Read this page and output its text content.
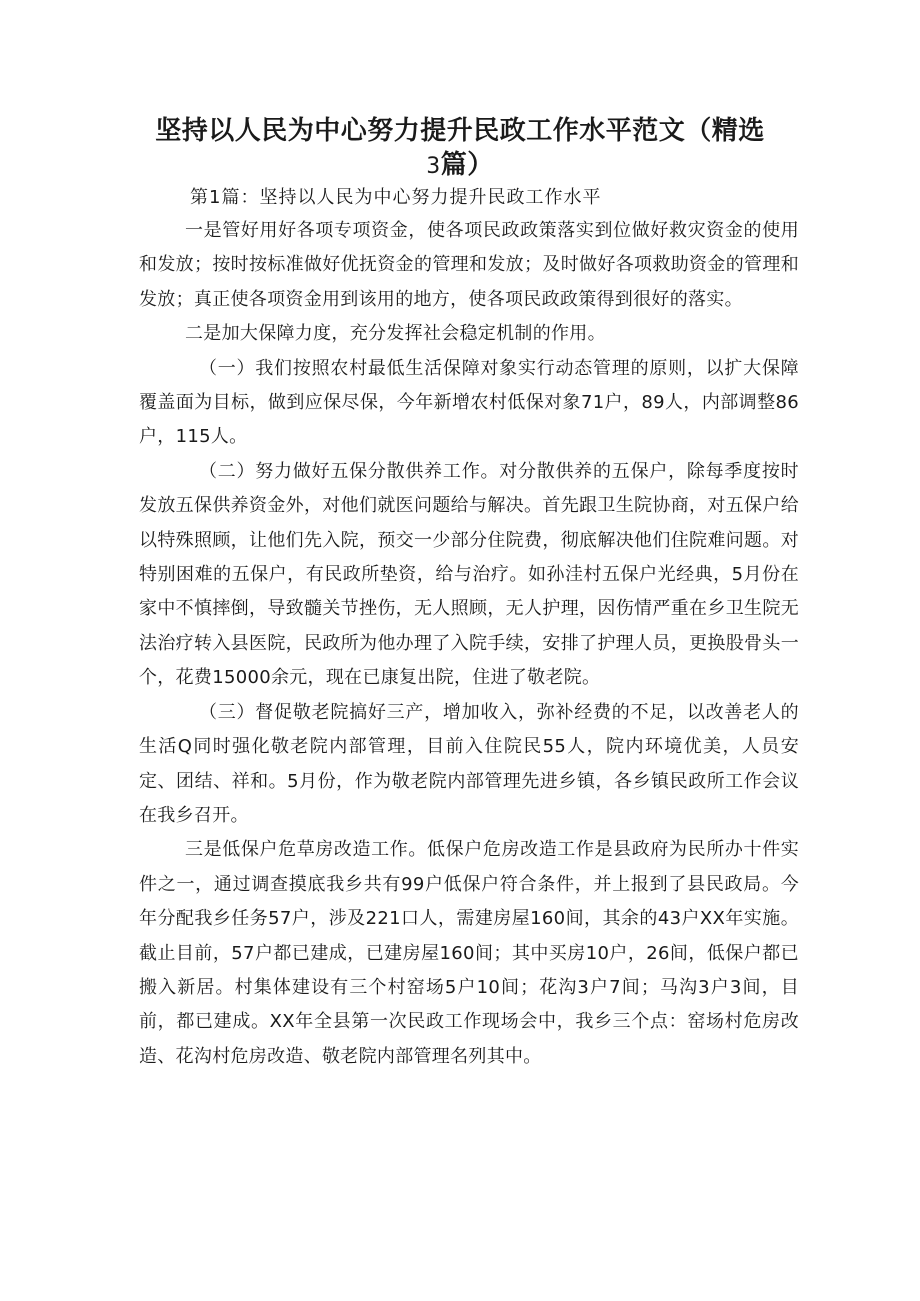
坚持以人民为中心努力提升民政工作水平范文（精选
3篇）

第1篇：坚持以人民为中心努力提升民政工作水平

一是管好用好各项专项资金，使各项民政政策落实到位做好救灾资金的使用和发放；按时按标准做好优抚资金的管理和发放；及时做好各项救助资金的管理和发放；真正使各项资金用到该用的地方，使各项民政政策得到很好的落实。

二是加大保障力度，充分发挥社会稳定机制的作用。

（一）我们按照农村最低生活保障对象实行动态管理的原则，以扩大保障覆盖面为目标，做到应保尽保，今年新增农村低保对象71户，89人，内部调整86户，115人。

（二）努力做好五保分散供养工作。对分散供养的五保户，除每季度按时发放五保供养资金外，对他们就医问题给与解决。首先跟卫生院协商，对五保户给以特殊照顾，让他们先入院，预交一少部分住院费，彻底解决他们住院难问题。对特别困难的五保户，有民政所垫资，给与治疗。如孙洼村五保户光经典，5月份在家中不慎摔倒，导致髓关节挫伤，无人照顾，无人护理，因伤情严重在乡卫生院无法治疗转入县医院，民政所为他办理了入院手续，安排了护理人员，更换股骨头一个，花费15000余元，现在已康复出院，住进了敬老院。

（三）督促敬老院搞好三产，增加收入，弥补经费的不足，以改善老人的生活Q同时强化敬老院内部管理，目前入住院民55人，院内环境优美，人员安定、团结、祥和。5月份，作为敬老院内部管理先进乡镇，各乡镇民政所工作会议在我乡召开。

三是低保户危草房改造工作。低保户危房改造工作是县政府为民所办十件实件之一，通过调查摸底我乡共有99户低保户符合条件，并上报到了县民政局。今年分配我乡任务57户，涉及221口人，需建房屋160间，其余的43户XX年实施。截止目前，57户都已建成，已建房屋160间；其中买房10户，26间，低保户都已搬入新居。村集体建设有三个村窑场5户10间；花沟3户7间；马沟3户3间，目前，都已建成。XX年全县第一次民政工作现场会中，我乡三个点：窑场村危房改造、花沟村危房改造、敬老院内部管理名列其中。
